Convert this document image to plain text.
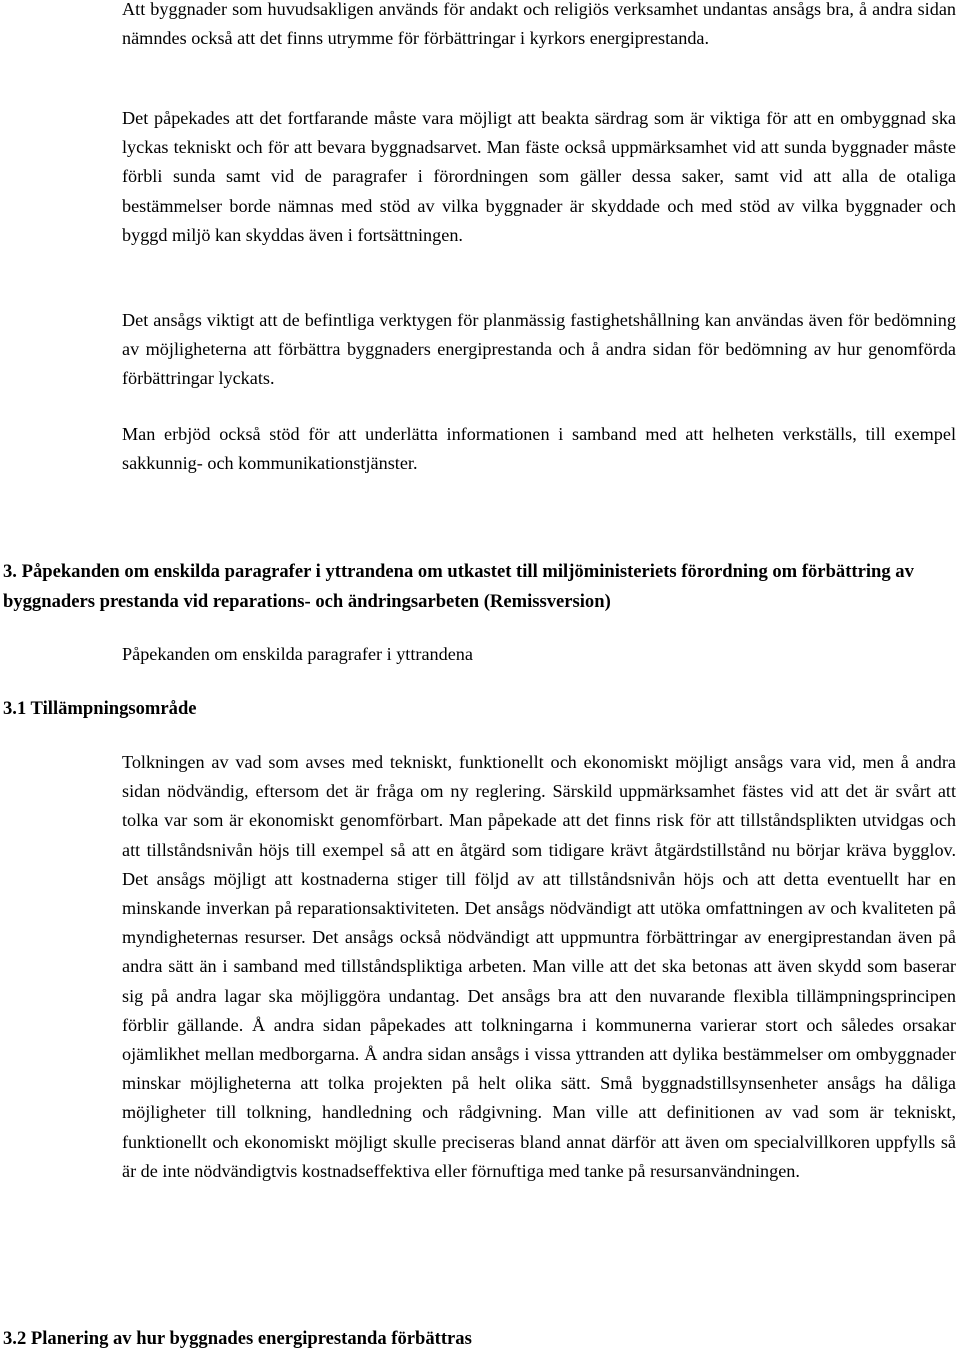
Att byggnader som huvudsakligen används för andakt och religiös verksamhet undantas ansågs bra, å andra sidan nämndes också att det finns utrymme för förbättringar i kyrkors energiprestanda.

Det påpekades att det fortfarande måste vara möjligt att beakta särdrag som är viktiga för att en ombyggnad ska lyckas tekniskt och för att bevara byggnadsarvet. Man fäste också uppmärksamhet vid att sunda byggnader måste förbli sunda samt vid de paragrafer i förordningen som gäller dessa saker, samt vid att alla de otaliga bestämmelser borde nämnas med stöd av vilka byggnader är skyddade och med stöd av vilka byggnader och byggd miljö kan skyddas även i fortsättningen.

Det ansågs viktigt att de befintliga verktygen för planmässig fastighetshållning kan användas även för bedömning av möjligheterna att förbättra byggnaders energiprestanda och å andra sidan för bedömning av hur genomförda förbättringar lyckats.

Man erbjöd också stöd för att underlätta informationen i samband med att helheten verkställs, till exempel sakkunnig- och kommunikationstjänster.

3. Påpekanden om enskilda paragrafer i yttrandena om utkastet till miljöministeriets förordning om förbättring av byggnaders prestanda vid reparations- och ändringsarbeten (Remissversion)

Påpekanden om enskilda paragrafer i yttrandena

3.1 Tillämpningsområde

Tolkningen av vad som avses med tekniskt, funktionellt och ekonomiskt möjligt ansågs vara vid, men å andra sidan nödvändig, eftersom det är fråga om ny reglering. Särskild uppmärksamhet fästes vid att det är svårt att tolka var som är ekonomiskt genomförbart. Man påpekade att det finns risk för att tillståndsplikten utvidgas och att tillståndsnivån höjs till exempel så att en åtgärd som tidigare krävt åtgärdstillstånd nu börjar kräva bygglov. Det ansågs möjligt att kostnaderna stiger till följd av att tillståndsnivån höjs och att detta eventuellt har en minskande inverkan på reparationsaktiviteten. Det ansågs nödvändigt att utöka omfattningen av och kvaliteten på myndigheternas resurser. Det ansågs också nödvändigt att uppmuntra förbättringar av energiprestandan även på andra sätt än i samband med tillståndspliktiga arbeten. Man ville att det ska betonas att även skydd som baserar sig på andra lagar ska möjliggöra undantag. Det ansågs bra att den nuvarande flexibla tillämpningsprincipen förblir gällande. Å andra sidan påpekades att tolkningarna i kommunerna varierar stort och således orsakar ojämlikhet mellan medborgarna. Å andra sidan ansågs i vissa yttranden att dylika bestämmelser om ombyggnader minskar möjligheterna att tolka projekten på helt olika sätt. Små byggnadstillsynsenheter ansågs ha dåliga möjligheter till tolkning, handledning och rådgivning. Man ville att definitionen av vad som är tekniskt, funktionellt och ekonomiskt möjligt skulle preciseras bland annat därför att även om specialvillkoren uppfylls så är de inte nödvändigtvis kostnadseffektiva eller förnuftiga med tanke på resursanvändningen.

3.2 Planering av hur byggnades energiprestanda förbättras
